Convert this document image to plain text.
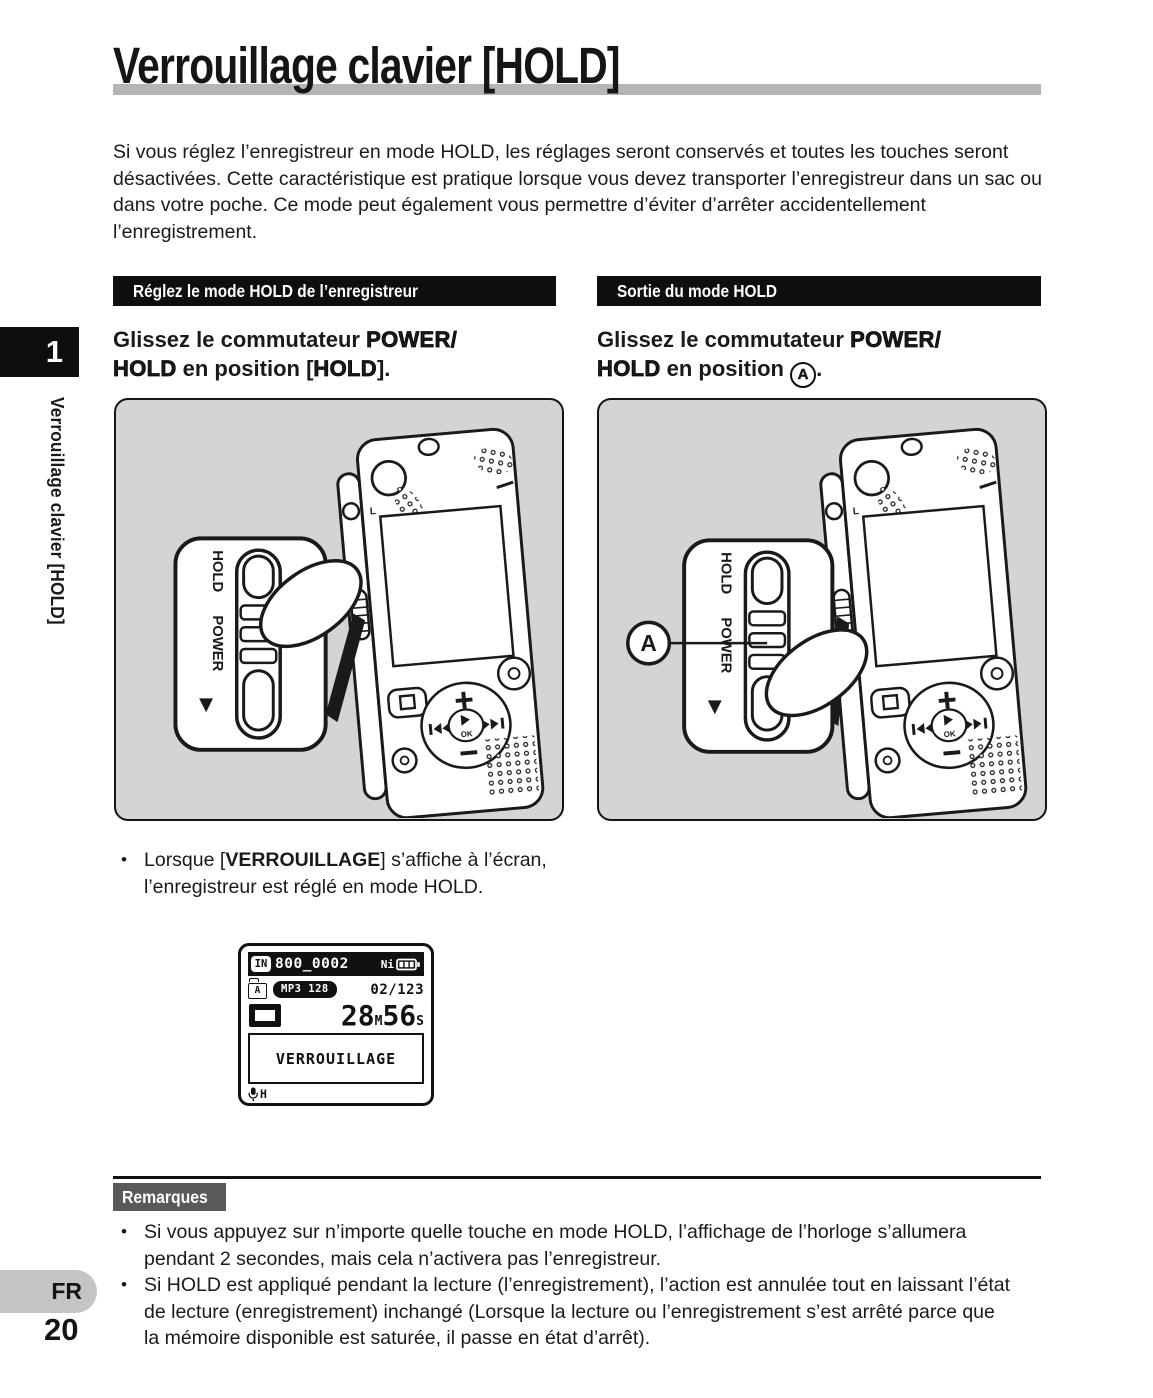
Verrouillage clavier [HOLD]

Si vous réglez l’enregistreur en mode HOLD, les réglages seront conservés et toutes les touches seront désactivées. Cette caractéristique est pratique lorsque vous devez transporter l’enregistreur dans un sac ou dans votre poche. Ce mode peut également vous permettre d’éviter d’arrêter accidentellement l’enregistrement.

Réglez le mode HOLD de l’enregistreur	Sortie du mode HOLD
Glissez le commutateur POWER/
HOLD en position [HOLD].
Glissez le commutateur POWER/
HOLD en position A .
HOLD
POWER
HOLD
POWER
A
• Lorsque [VERROUILLAGE] s’affiche à l’écran, l’enregistreur est réglé en mode HOLD.
IN 800_0002	Ni
A	MP3 128	02/123
28 M 56 S
VERROUILLAGE
H
Remarques
• Si vous appuyez sur n’importe quelle touche en mode HOLD, l’affichage de l’horloge s’allumera pendant 2 secondes, mais cela n’activera pas l’enregistreur.
• Si HOLD est appliqué pendant la lecture (l’enregistrement), l’action est annulée tout en laissant l’état de lecture (enregistrement) inchangé (Lorsque la lecture ou l’enregistrement s’est arrêté parce que la mémoire disponible est saturée, il passe en état d’arrêt).
1
Verrouillage clavier [HOLD]
FR
20
